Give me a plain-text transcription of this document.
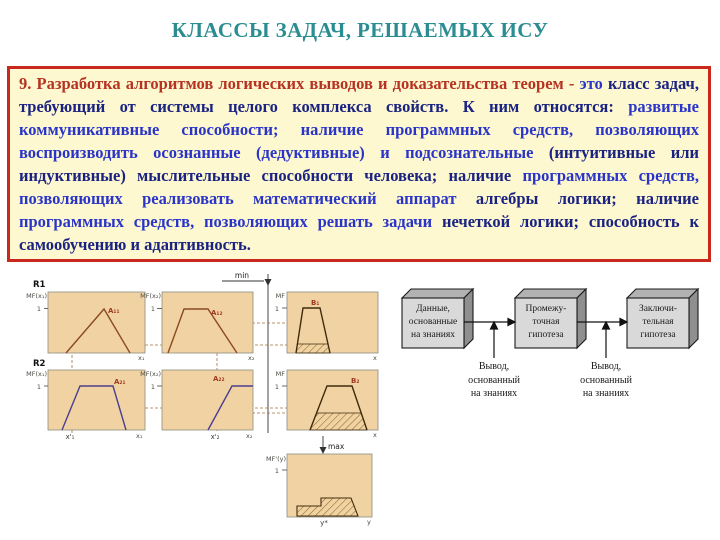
КЛАССЫ ЗАДАЧ, РЕШАЕМЫХ ИСУ
9. Разработка алгоритмов логических выводов и доказательства теорем - это класс задач, требующий от системы целого комплекса свойств. К ним относятся: развитые коммуникативные способности; наличие программных средств, позволяющих воспроизводить осознанные (дедуктивные) и подсознательные (интуитивные или индуктивные) мыслительные способности человека; наличие программных средств, позволяющих реализовать математический аппарат алгебры логики; наличие программных средств, позволяющих решать задачи нечеткой логики; способность к самообучению и адаптивность.
R1
R2
min
MF(x₁)
1	A₁₁
x₁
MF(x₂)
1	A₁₂
x₂
MF
1
B₁
x
MF(x₁)
1
A₂₁
x'₁	x₁
MF(x₂)
1
A₂₂
x'₂	x₂
MF
1
B₂
x
max
MF'(y)
1
y*	y
Данные,
основанные
на знаниях
Промежу-
точная
гипотеза
Заключи-
тельная
гипотеза
Вывод,
основанный
на знаниях
Вывод,
основанный
на знаниях
